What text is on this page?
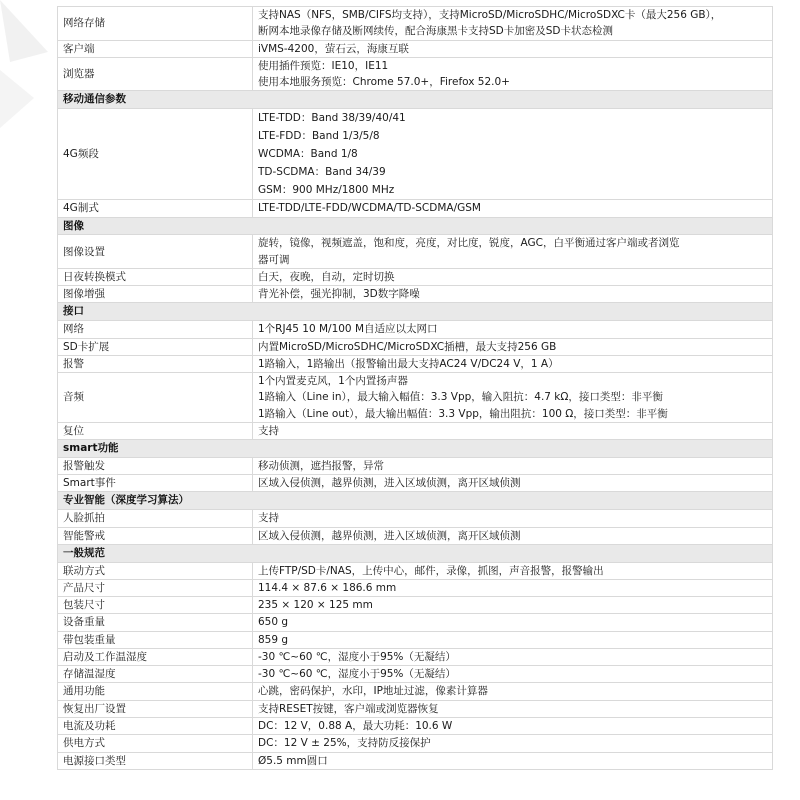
网络存储	支持NAS（NFS，SMB/CIFS均支持），支持MicroSD/MicroSDHC/MicroSDXC卡（最大256 GB），
断网本地录像存储及断网续传，配合海康黑卡支持SD卡加密及SD卡状态检测

客户端	iVMS-4200，萤石云，海康互联

浏览器	使用插件预览：IE10，IE11
使用本地服务预览：Chrome 57.0+，Firefox 52.0+

移动通信参数	
4G频段	LTE-TDD：Band 38/39/40/41
LTE-FDD：Band 1/3/5/8
WCDMA：Band 1/8
TD-SCDMA：Band 34/39
GSM：900 MHz/1800 MHz

4G制式	LTE-TDD/LTE-FDD/WCDMA/TD-SCDMA/GSM

图像	
图像设置	旋转，镜像，视频遮盖，饱和度，亮度，对比度，锐度，AGC，白平衡通过客户端或者浏览
器可调

日夜转换模式	白天，夜晚，自动，定时切换

图像增强	背光补偿，强光抑制，3D数字降噪

接口	
网络	1个RJ45 10 M/100 M自适应以太网口

SD卡扩展	内置MicroSD/MicroSDHC/MicroSDXC插槽，最大支持256 GB

报警	1路输入，1路输出（报警输出最大支持AC24 V/DC24 V，1 A）

音频	1个内置麦克风，1个内置扬声器
1路输入（Line in），最大输入幅值：3.3 Vpp，输入阻抗：4.7 kΩ，接口类型：非平衡
1路输入（Line out），最大输出幅值：3.3 Vpp，输出阻抗：100 Ω，接口类型：非平衡

复位	支持

smart功能	
报警触发	移动侦测，遮挡报警，异常

Smart事件	区域入侵侦测，越界侦测，进入区域侦测，离开区域侦测

专业智能（深度学习算法）	
人脸抓拍	支持

智能警戒	区域入侵侦测，越界侦测，进入区域侦测，离开区域侦测

一般规范	
联动方式	上传FTP/SD卡/NAS，上传中心，邮件，录像，抓图，声音报警，报警输出

产品尺寸	114.4 × 87.6 × 186.6 mm

包装尺寸	235 × 120 × 125 mm

设备重量	650 g

带包装重量	859 g

启动及工作温湿度	-30 ℃~60 ℃，湿度小于95%（无凝结）

存储温湿度	-30 ℃~60 ℃，湿度小于95%（无凝结）

通用功能	心跳，密码保护，水印，IP地址过滤，像素计算器

恢复出厂设置	支持RESET按键，客户端或浏览器恢复

电流及功耗	DC：12 V，0.88 A，最大功耗：10.6 W

供电方式	DC：12 V ± 25%，支持防反接保护

电源接口类型	Ø5.5 mm圆口
